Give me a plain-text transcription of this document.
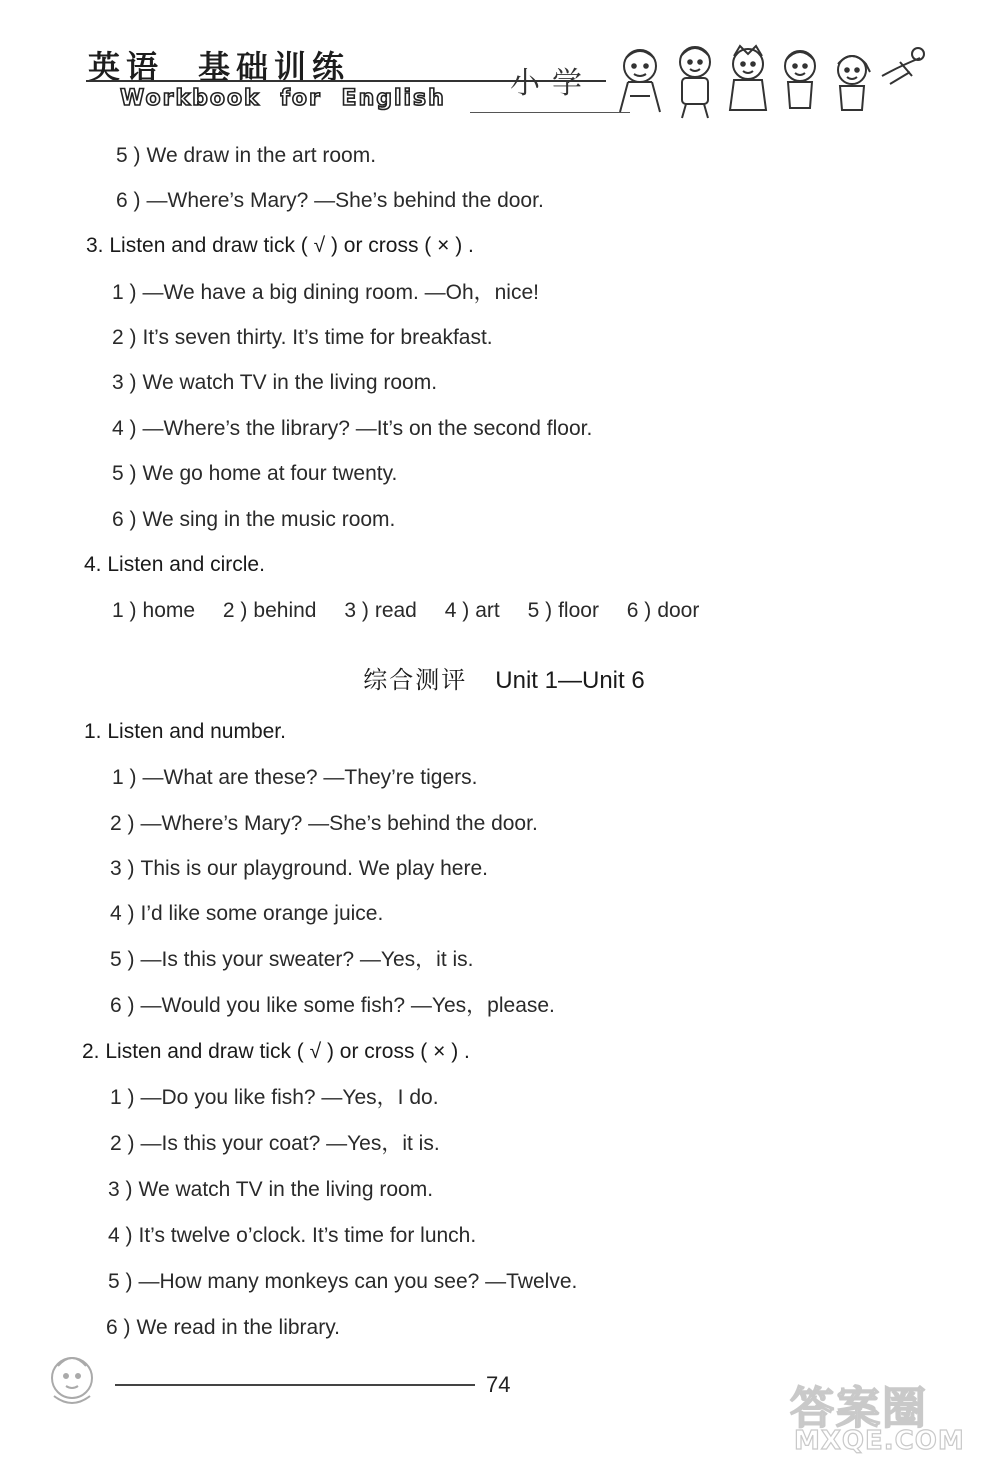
英语 基础训练
Workbook for English 小学
5 ) We draw in the art room.
6 ) —Where’s Mary? —She’s behind the door.
3. Listen and draw tick ( √ ) or cross ( × ) .
1 ) —We have a big dining room. —Oh，nice!
2 ) It’s seven thirty. It’s time for breakfast.
3 ) We watch TV in the living room.
4 ) —Where’s the library? —It’s on the second floor.
5 ) We go home at four twenty.
6 ) We sing in the music room.
4. Listen and circle.
1 ) home 2 ) behind 3 ) read 4 ) art 5 ) floor 6 ) door
综合测评 Unit 1—Unit 6
1. Listen and number.
1 ) —What are these? —They’re tigers.
2 ) —Where’s Mary? —She’s behind the door.
3 ) This is our playground. We play here.
4 ) I’d like some orange juice.
5 ) —Is this your sweater? —Yes，it is.
6 ) —Would you like some fish? —Yes，please.
2. Listen and draw tick ( √ ) or cross ( × ) .
1 ) —Do you like fish? —Yes，I do.
2 ) —Is this your coat? —Yes，it is.
3 ) We watch TV in the living room.
4 ) It’s twelve o’clock. It’s time for lunch.
5 ) —How many monkeys can you see? —Twelve.
6 ) We read in the library.
74	答案圈
MXQE.COM
